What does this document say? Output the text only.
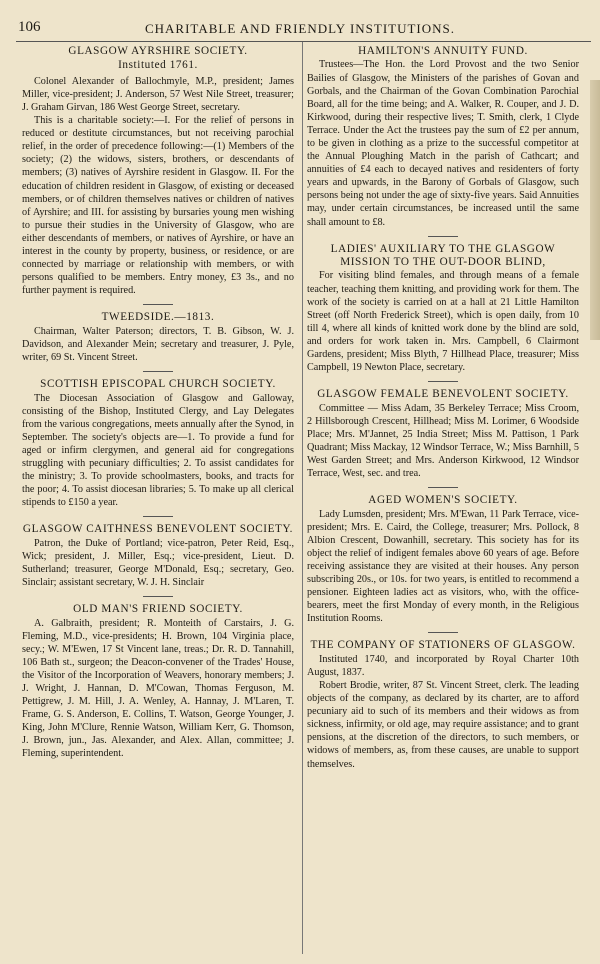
106	CHARITABLE AND FRIENDLY INSTITUTIONS.

GLASGOW AYRSHIRE SOCIETY.

Instituted 1761.

Colonel Alexander of Ballochmyle, M.P., president; James Miller, vice-president; J. Anderson, 57 West Nile Street, treasurer; J. Graham Girvan, 186 West George Street, secretary.

This is a charitable society:—I. For the relief of persons in reduced or destitute circumstances, but not receiving parochial relief, in the order of precedence following:—(1) Members of the society; (2) the widows, sisters, brothers, or descendants of members; (3) natives of Ayrshire resident in Glasgow. II. For the education of children resident in Glasgow, of existing or deceased members, or of children themselves natives or children of natives of Ayrshire; and III. for assisting by bursaries young men wishing to pursue their studies in the University of Glasgow, who are either descendants of members, or natives of Ayrshire, or have an interest in the county by property, business, or residence, or are connected by marriage or relationship with members, or with persons qualified to be members. Entry money, £3 3s., and no further payment is required.

TWEEDSIDE.—1813.

Chairman, Walter Paterson; directors, T. B. Gibson, W. J. Davidson, and Alexander Mein; secretary and treasurer, J. Pyle, writer, 69 St. Vincent Street.

SCOTTISH EPISCOPAL CHURCH SOCIETY.

The Diocesan Association of Glasgow and Galloway, consisting of the Bishop, Instituted Clergy, and Lay Delegates from the various congregations, meets annually after the Synod, in September. The society's objects are—1. To provide a fund for aged or infirm clergymen, and general aid for congregations struggling with pecuniary difficulties; 2. To assist candidates for the ministry; 3. To provide schoolmasters, books, and tracts for the poor; 4. To assist diocesan libraries; 5. To make up all clerical stipends to £150 a year.

GLASGOW CAITHNESS BENEVOLENT SOCIETY.

Patron, the Duke of Portland; vice-patron, Peter Reid, Esq., Wick; president, J. Miller, Esq.; vice-president, Lieut. D. Sutherland; treasurer, George M'Donald, Esq.; secretary, Geo. Sinclair; assistant secretary, W. J. H. Sinclair

OLD MAN'S FRIEND SOCIETY.

A. Galbraith, president; R. Monteith of Carstairs, J. G. Fleming, M.D., vice-presidents; H. Brown, 104 Virginia place, secy.; W. M'Ewen, 17 St Vincent lane, treas.; Dr. R. D. Tannahill, 106 Bath st., surgeon; the Deacon-convener of the Trades' House, the Visitor of the Incorporation of Weavers, honorary members; J. J. Wright, J. Hannan, D. M'Cowan, Thomas Ferguson, M. Pettigrew, J. M. Hill, J. A. Wenley, A. Hannay, J. M'Laren, T. Frame, G. S. Anderson, E. Collins, T. Watson, George Younger, J. King, John M'Clure, Rennie Watson, William Kerr, G. Thomson, J. Brown, jun., Jas. Alexander, and Alex. Allan, committee; J. Fleming, superintendent.

HAMILTON'S ANNUITY FUND.

Trustees—The Hon. the Lord Provost and the two Senior Bailies of Glasgow, the Ministers of the parishes of Govan and Gorbals, and the Chairman of the Govan Combination Parochial Board, all for the time being; and A. Walker, R. Couper, and J. D. Kirkwood, during their respective lives; T. Smith, clerk, 1 Clyde Terrace. Under the Act the trustees pay the sum of £2 per annum, to be given in clothing as a prize to the successful competitor at the Annual Ploughing Match in the parish of Cathcart; and annuities of £4 each to decayed natives and residenters of forty years and upwards, in the Barony of Gorbals of Glasgow, such persons being not under the age of sixty-five years. Said Annuities may, under certain circumstances, be increased until the same shall amount to £8.

LADIES' AUXILIARY TO THE GLASGOW MISSION TO THE OUT-DOOR BLIND,

For visiting blind females, and through means of a female teacher, teaching them knitting, and providing work for them. The work of the society is carried on at a hall at 21 Little Hamilton Street (off North Frederick Street), which is open daily, from 10 till 4, where all kinds of knitted work done by the blind are sold, and orders for work taken in. Mrs. Campbell, 6 Clairmont Gardens, president; Miss Blyth, 7 Hillhead Place, treasurer; Miss Campbell, 19 Newton Place, secretary.

GLASGOW FEMALE BENEVOLENT SOCIETY.

Committee — Miss Adam, 35 Berkeley Terrace; Miss Croom, 2 Hillsborough Crescent, Hillhead; Miss M. Lorimer, 6 Woodside Place; Mrs. M'Jannet, 25 India Street; Miss M. Pattison, 1 Park Quadrant; Miss Mackay, 12 Windsor Terrace, W.; Miss Barnhill, 5 West Garden Street; and Mrs. Anderson Kirkwood, 12 Windsor Terrace, West, sec. and trea.

AGED WOMEN'S SOCIETY.

Lady Lumsden, president; Mrs. M'Ewan, 11 Park Terrace, vice-president; Mrs. E. Caird, the College, treasurer; Mrs. Pollock, 8 Albion Crescent, Dowanhill, secretary. This society has for its object the relief of indigent females above 60 years of age. Before receiving assistance they are visited at their houses. Any person subscribing 20s., or 10s. for two years, is entitled to recommend a pensioner. Eighteen ladies act as visitors, who, with the office-bearers, meet the first Monday of every month, in the Religious Institution Rooms.

THE COMPANY OF STATIONERS OF GLASGOW.

Instituted 1740, and incorporated by Royal Charter 10th August, 1837.

Robert Brodie, writer, 87 St. Vincent Street, clerk. The leading objects of the company, as declared by its charter, are to afford pecuniary aid to such of its members and their widows as from sickness, infirmity, or old age, may require assistance; and to grant pensions, at the discretion of the directors, to such members, or widows of members, as, from these causes, are unable to support themselves.
